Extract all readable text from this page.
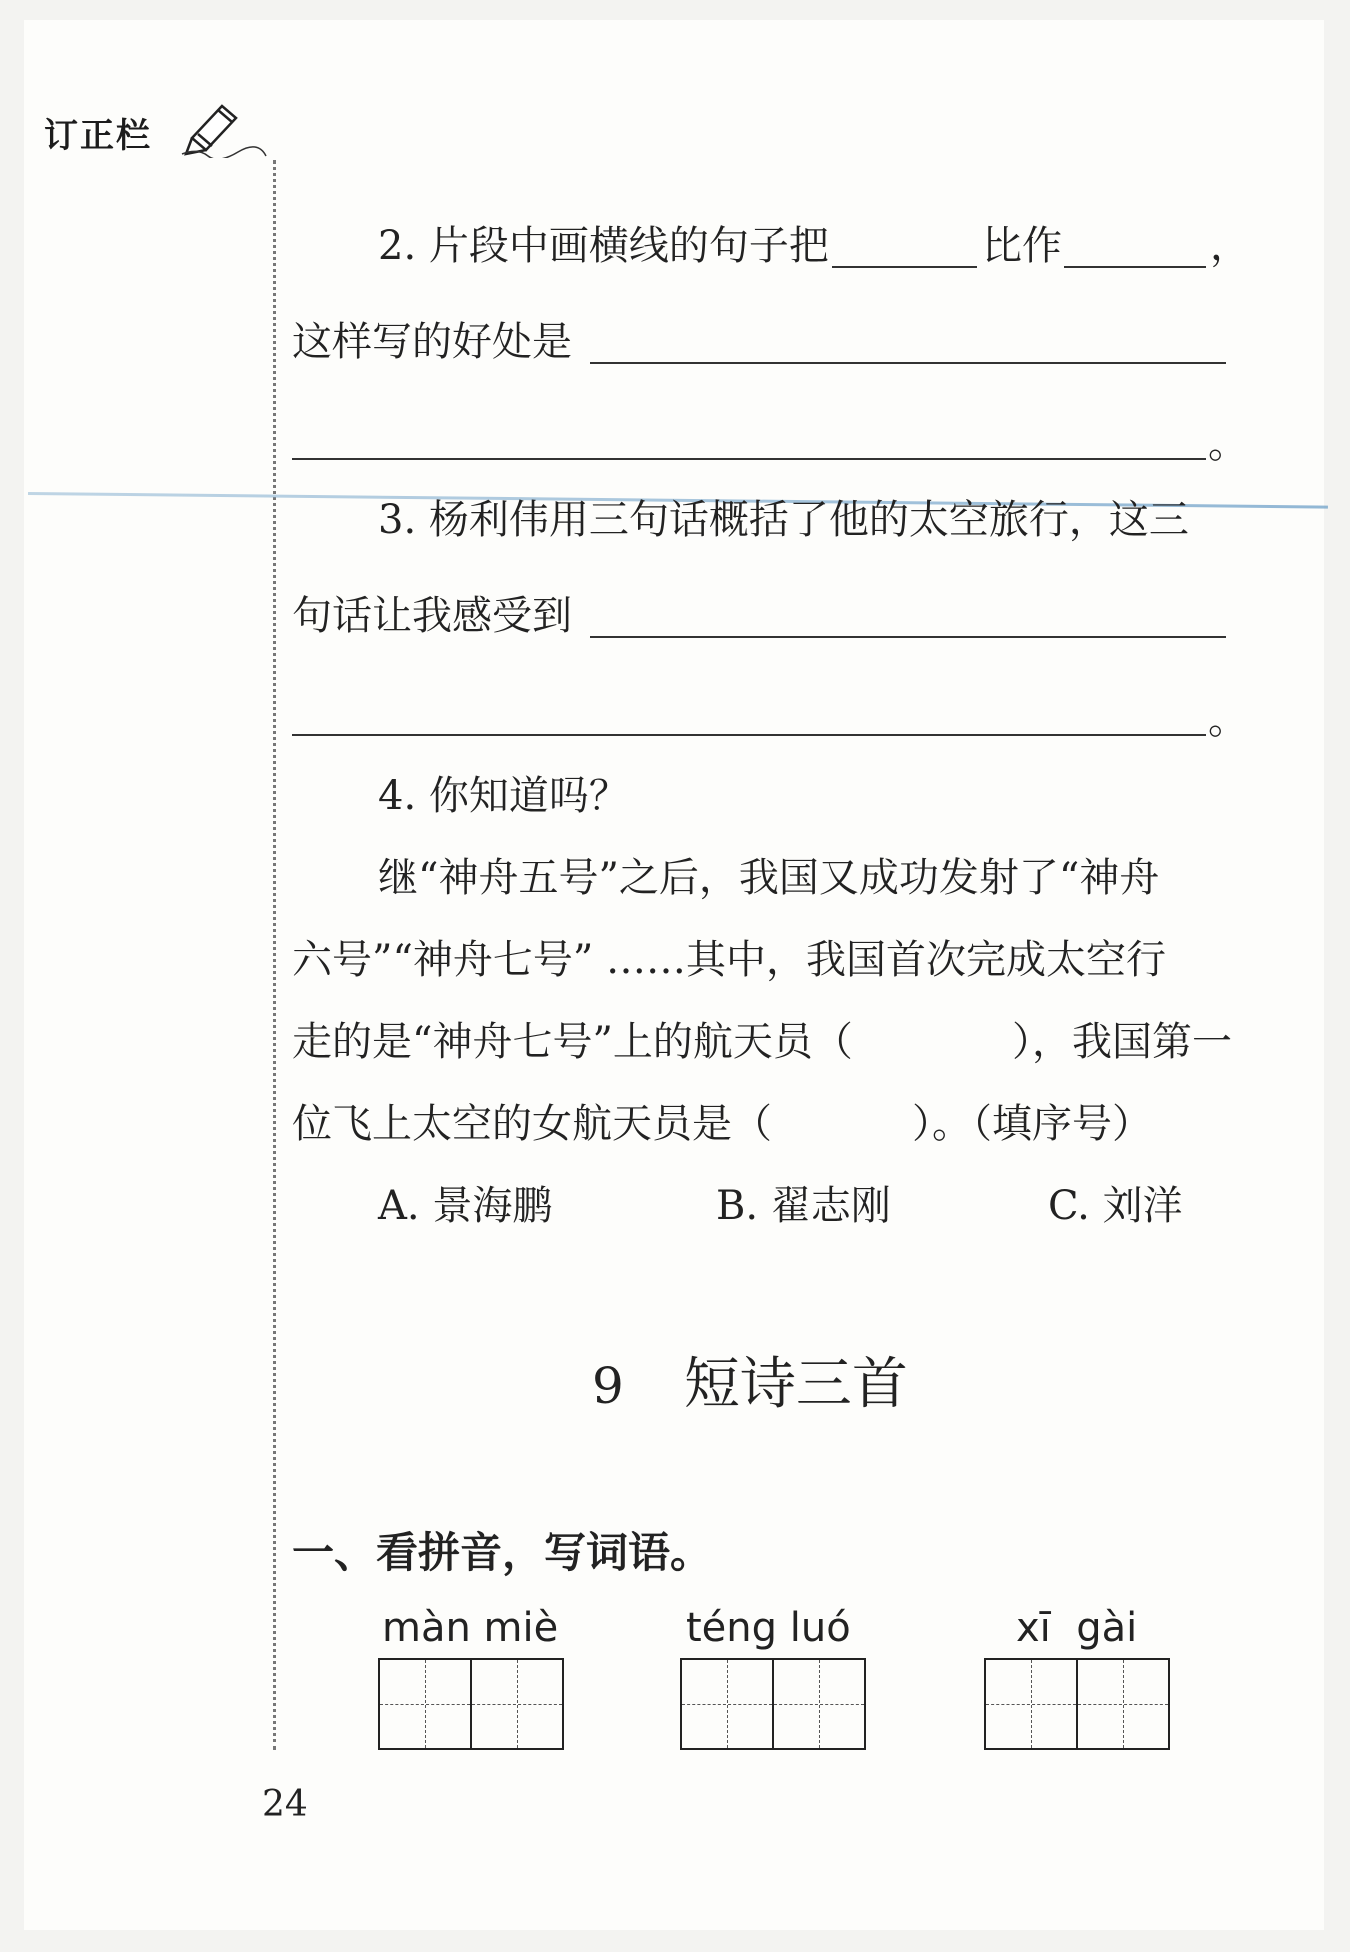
订正栏
2. 片段中画横线的句子把	比作	，
这样写的好处是
。
3. 杨利伟用三句话概括了他的太空旅行，这三
句话让我感受到
。
4. 你知道吗？
继“神舟五号”之后，我国又成功发射了“神舟
六号”“神舟七号” ……其中，我国首次完成太空行
走的是“神舟七号”上的航天员（	），我国第一
位飞上太空的女航天员是（	）。（填序号）
A. 景海鹏	B. 翟志刚	C. 刘洋
9 短诗三首
一、看拼音，写词语。
màn miè	téng luó	xī  gài
24
